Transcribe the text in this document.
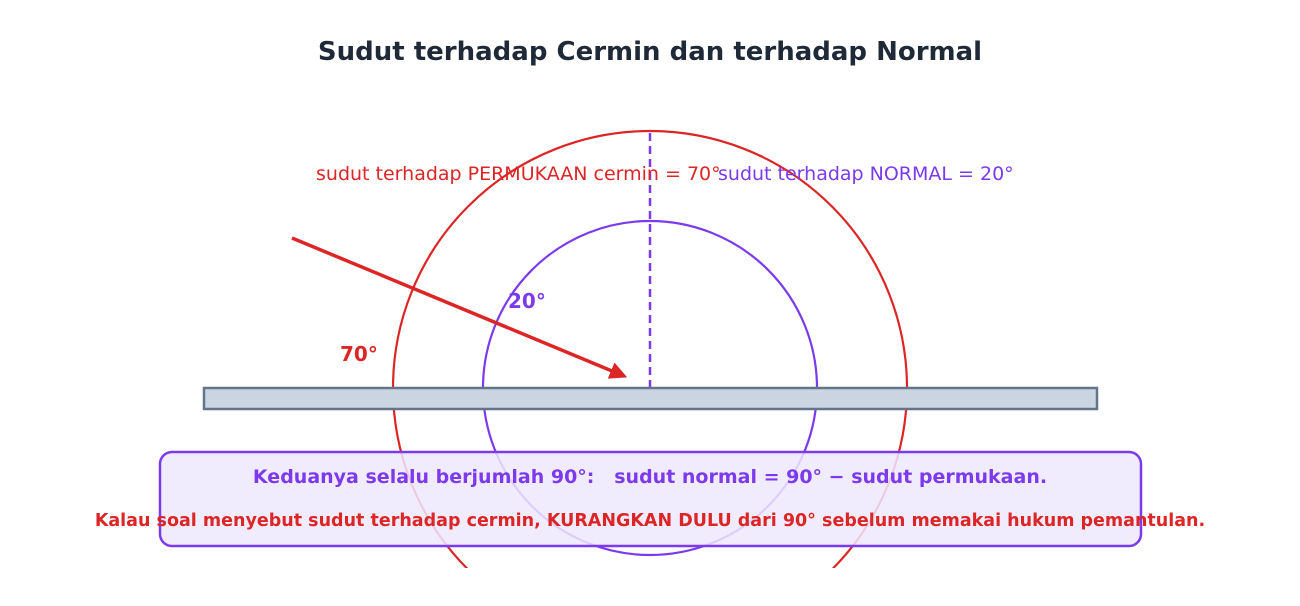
Sudut terhadap Cermin dan terhadap Normal
sudut terhadap PERMUKAAN cermin = 70°
sudut terhadap NORMAL = 20°
20°
70°
Keduanya selalu berjumlah 90°:   sudut normal = 90° − sudut permukaan.
Kalau soal menyebut sudut terhadap cermin, KURANGKAN DULU dari 90° sebelum memakai hukum pemantulan.
